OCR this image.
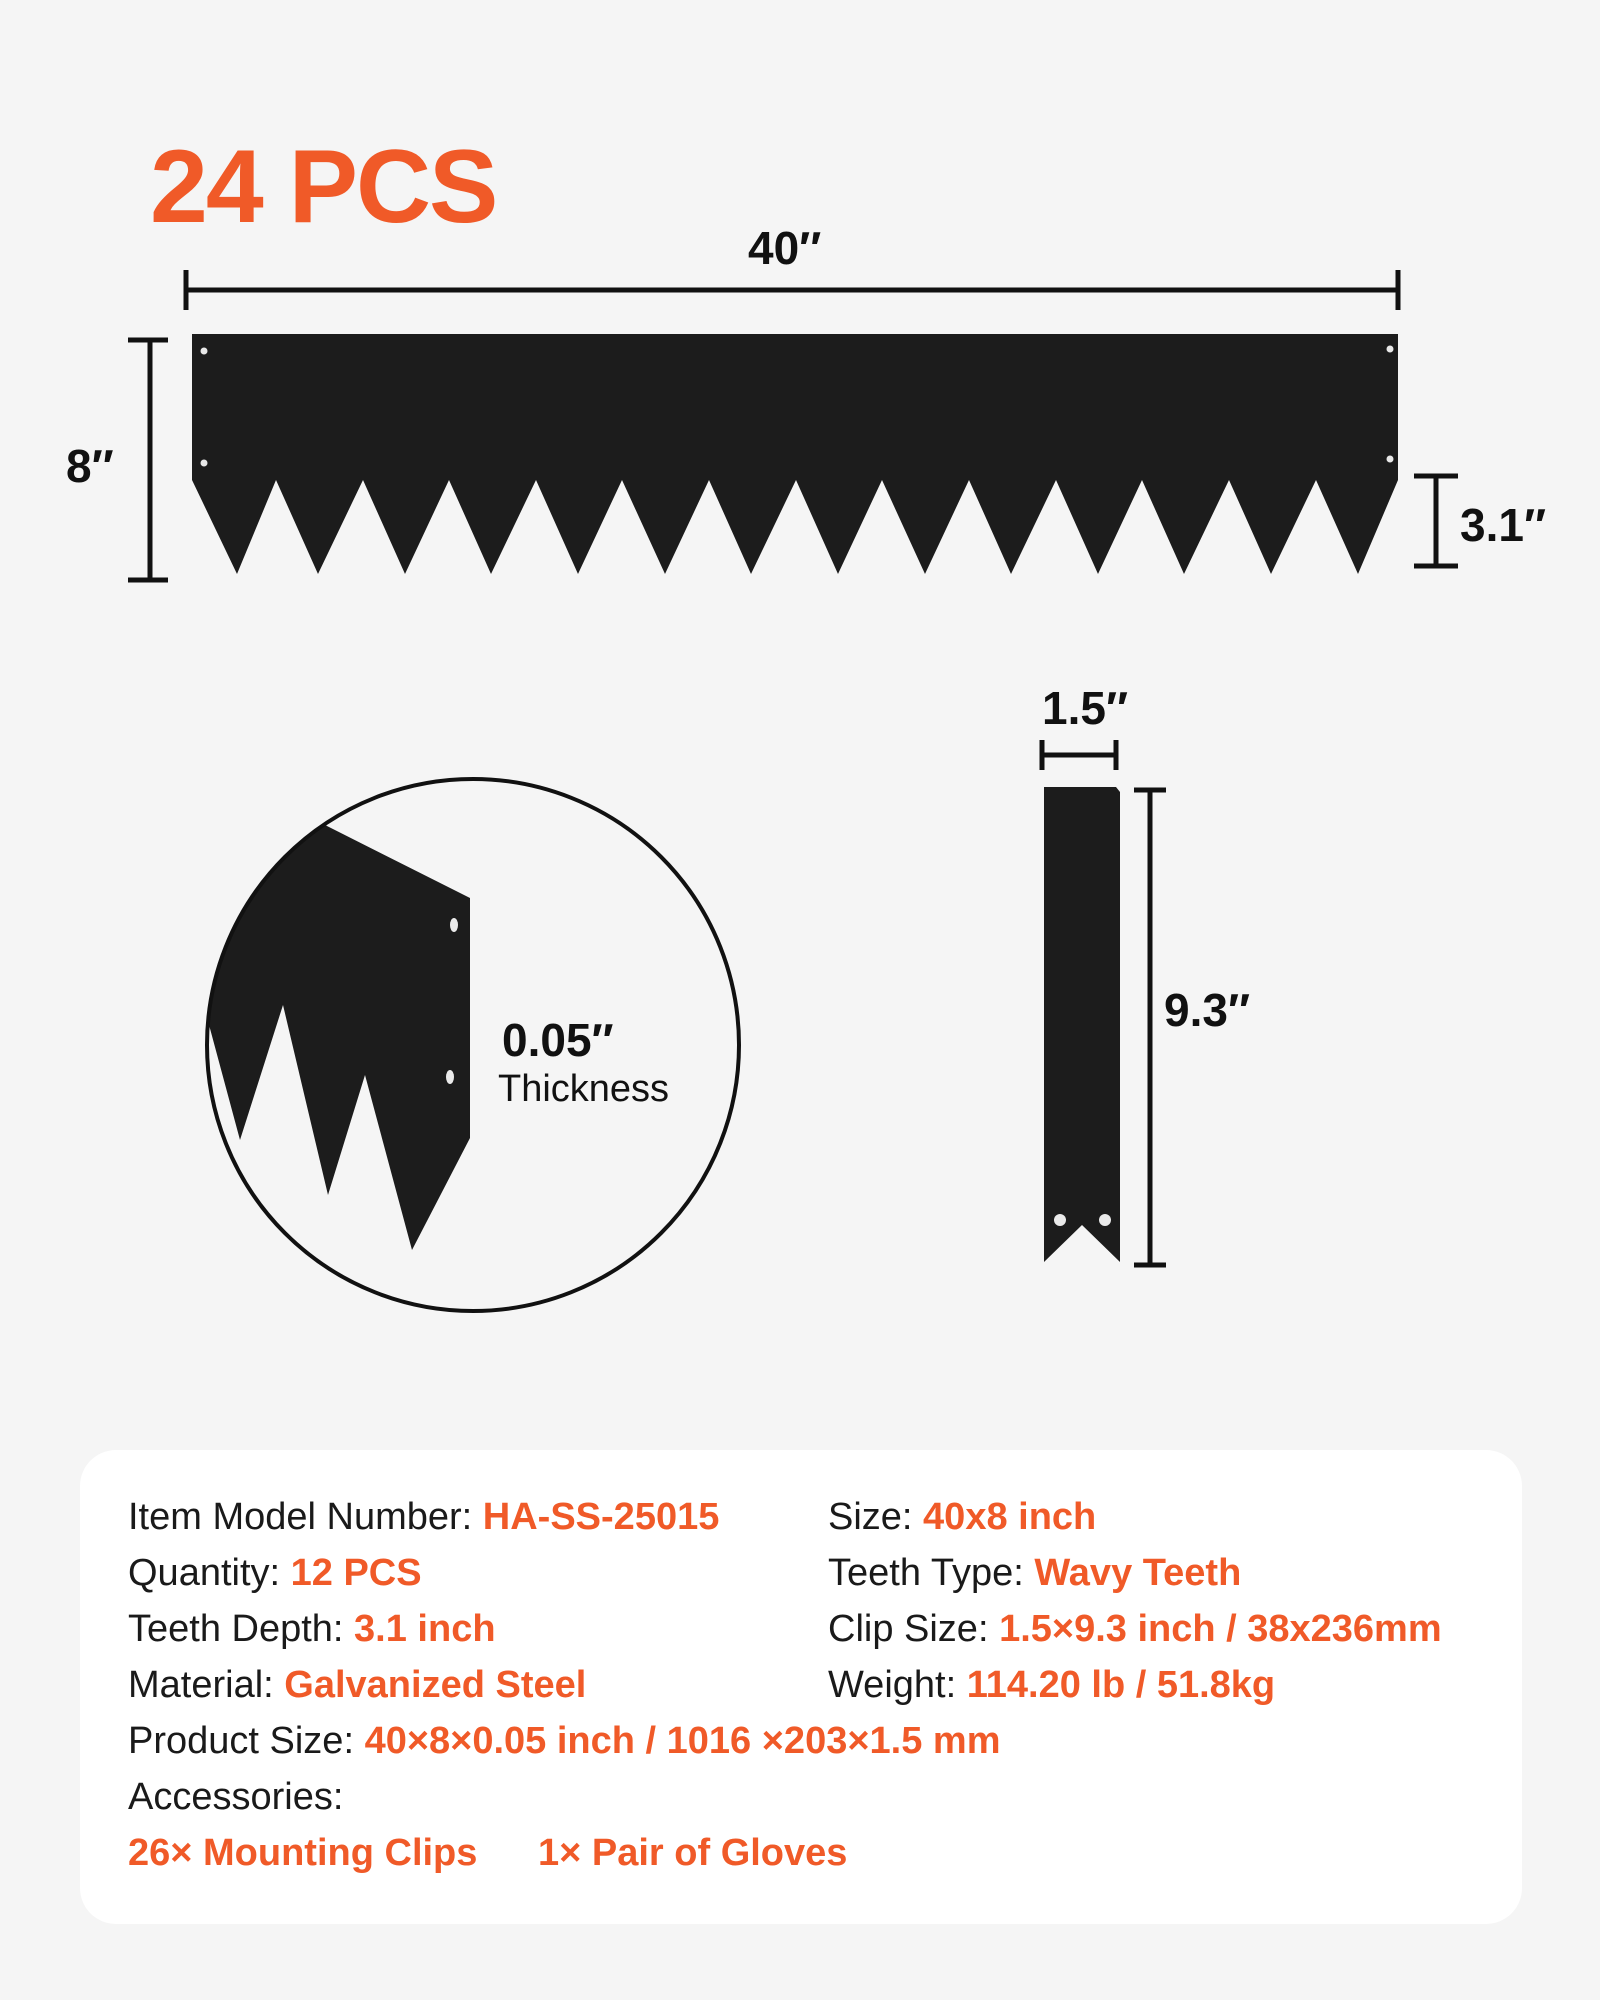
24 PCS
40′′
8′′
3.1′′
1.5′′
9.3′′
0.05′′
Thickness
Item Model Number: HA-SS-25015	Size: 40x8 inch
Quantity: 12 PCS	Teeth Type: Wavy Teeth
Teeth Depth: 3.1 inch	Clip Size: 1.5×9.3 inch / 38x236mm
Material: Galvanized Steel	Weight: 114.20 lb / 51.8kg
Product Size: 40×8×0.05 inch / 1016 ×203×1.5 mm
Accessories:
26× Mounting Clips 1× Pair of Gloves
